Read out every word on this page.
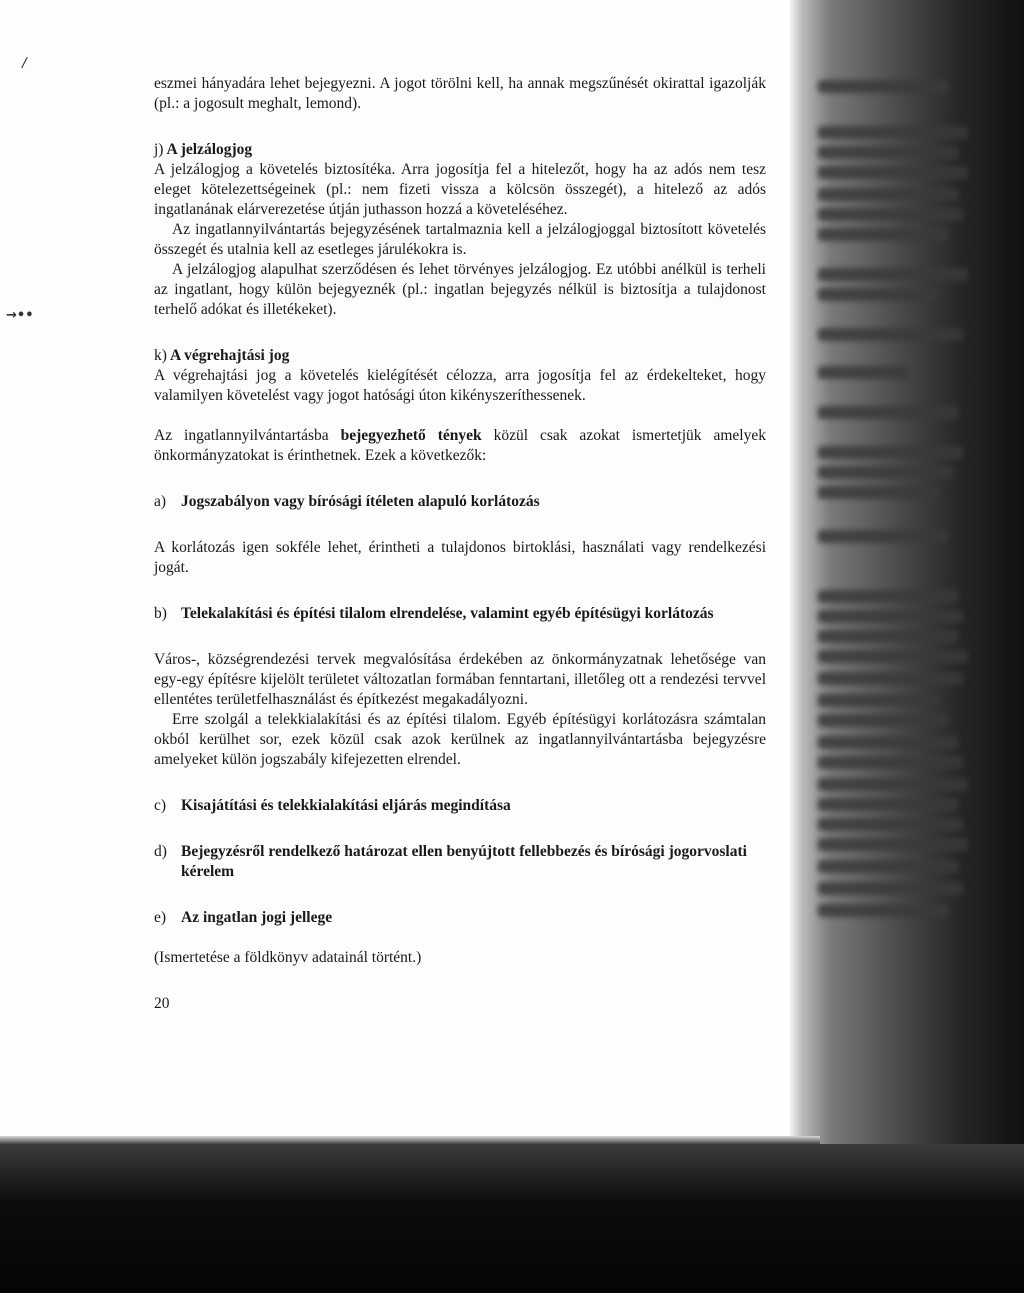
/
→••

eszmei hányadára lehet bejegyezni. A jogot törölni kell, ha annak megszűnését okirattal igazolják (pl.: a jogosult meghalt, lemond).

j) A jelzálogjog

A jelzálogjog a követelés biztosítéka. Arra jogosítja fel a hitelezőt, hogy ha az adós nem tesz eleget kötelezettségeinek (pl.: nem fizeti vissza a kölcsön összegét), a hitelező az adós ingatlanának elárverezetése útján juthasson hozzá a követeléséhez.

Az ingatlannyilvántartás bejegyzésének tartalmaznia kell a jelzálogjoggal biztosított követelés összegét és utalnia kell az esetleges járulékokra is.

A jelzálogjog alapulhat szerződésen és lehet törvényes jelzálogjog. Ez utóbbi anélkül is terheli az ingatlant, hogy külön bejegyeznék (pl.: ingatlan bejegyzés nélkül is biztosítja a tulajdonost terhelő adókat és illetékeket).

k) A végrehajtási jog

A végrehajtási jog a követelés kielégítését célozza, arra jogosítja fel az érdekelteket, hogy valamilyen követelést vagy jogot hatósági úton kikényszeríthessenek.

Az ingatlannyilvántartásba bejegyezhető tények közül csak azokat ismertetjük amelyek önkormányzatokat is érinthetnek. Ezek a következők:

a) Jogszabályon vagy bírósági ítéleten alapuló korlátozás

A korlátozás igen sokféle lehet, érintheti a tulajdonos birtoklási, használati vagy rendelkezési jogát.

b) Telekalakítási és építési tilalom elrendelése, valamint egyéb építésügyi korlátozás

Város-, községrendezési tervek megvalósítása érdekében az önkormányzatnak lehetősége van egy-egy építésre kijelölt területet változatlan formában fenntartani, illetőleg ott a rendezési tervvel ellentétes területfelhasználást és építkezést megakadályozni.

Erre szolgál a telekkialakítási és az építési tilalom. Egyéb építésügyi korlátozásra számtalan okból kerülhet sor, ezek közül csak azok kerülnek az ingatlannyilvántartásba bejegyzésre amelyeket külön jogszabály kifejezetten elrendel.

c) Kisajátítási és telekkialakítási eljárás megindítása
d) Bejegyzésről rendelkező határozat ellen benyújtott fellebbezés és bírósági jogorvoslati kérelem
e) Az ingatlan jogi jellege

(Ismertetése a földkönyv adatainál történt.)

20
